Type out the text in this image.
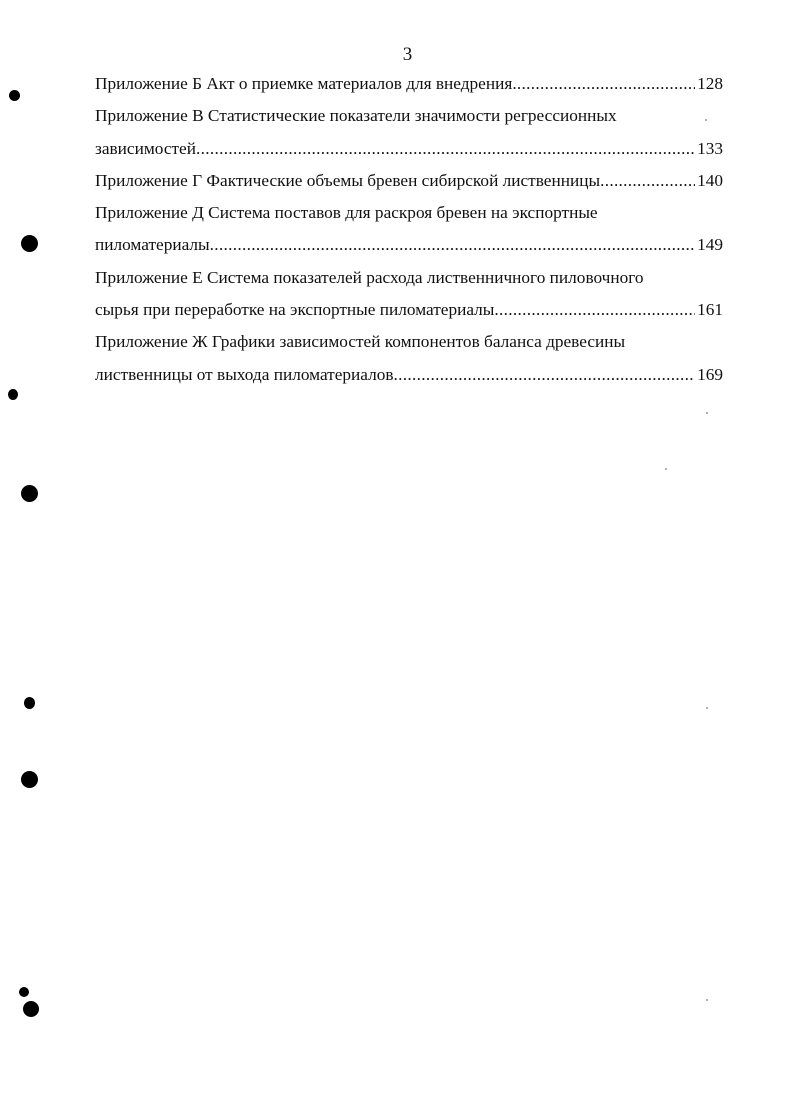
3
Приложение Б Акт о приемке материалов для внедрения .....	128
Приложение В Статистические показатели значимости регрессионных
зависимостей .....	133
Приложение Г Фактические объемы бревен сибирской лиственницы .....	140
Приложение Д Система поставов для раскроя бревен на экспортные
пиломатериалы .....	149
Приложение Е Система показателей расхода лиственничного пиловочного
сырья при переработке на экспортные пиломатериалы .....	161
Приложение Ж Графики зависимостей компонентов баланса древесины
лиственницы от выхода пиломатериалов .....	169
